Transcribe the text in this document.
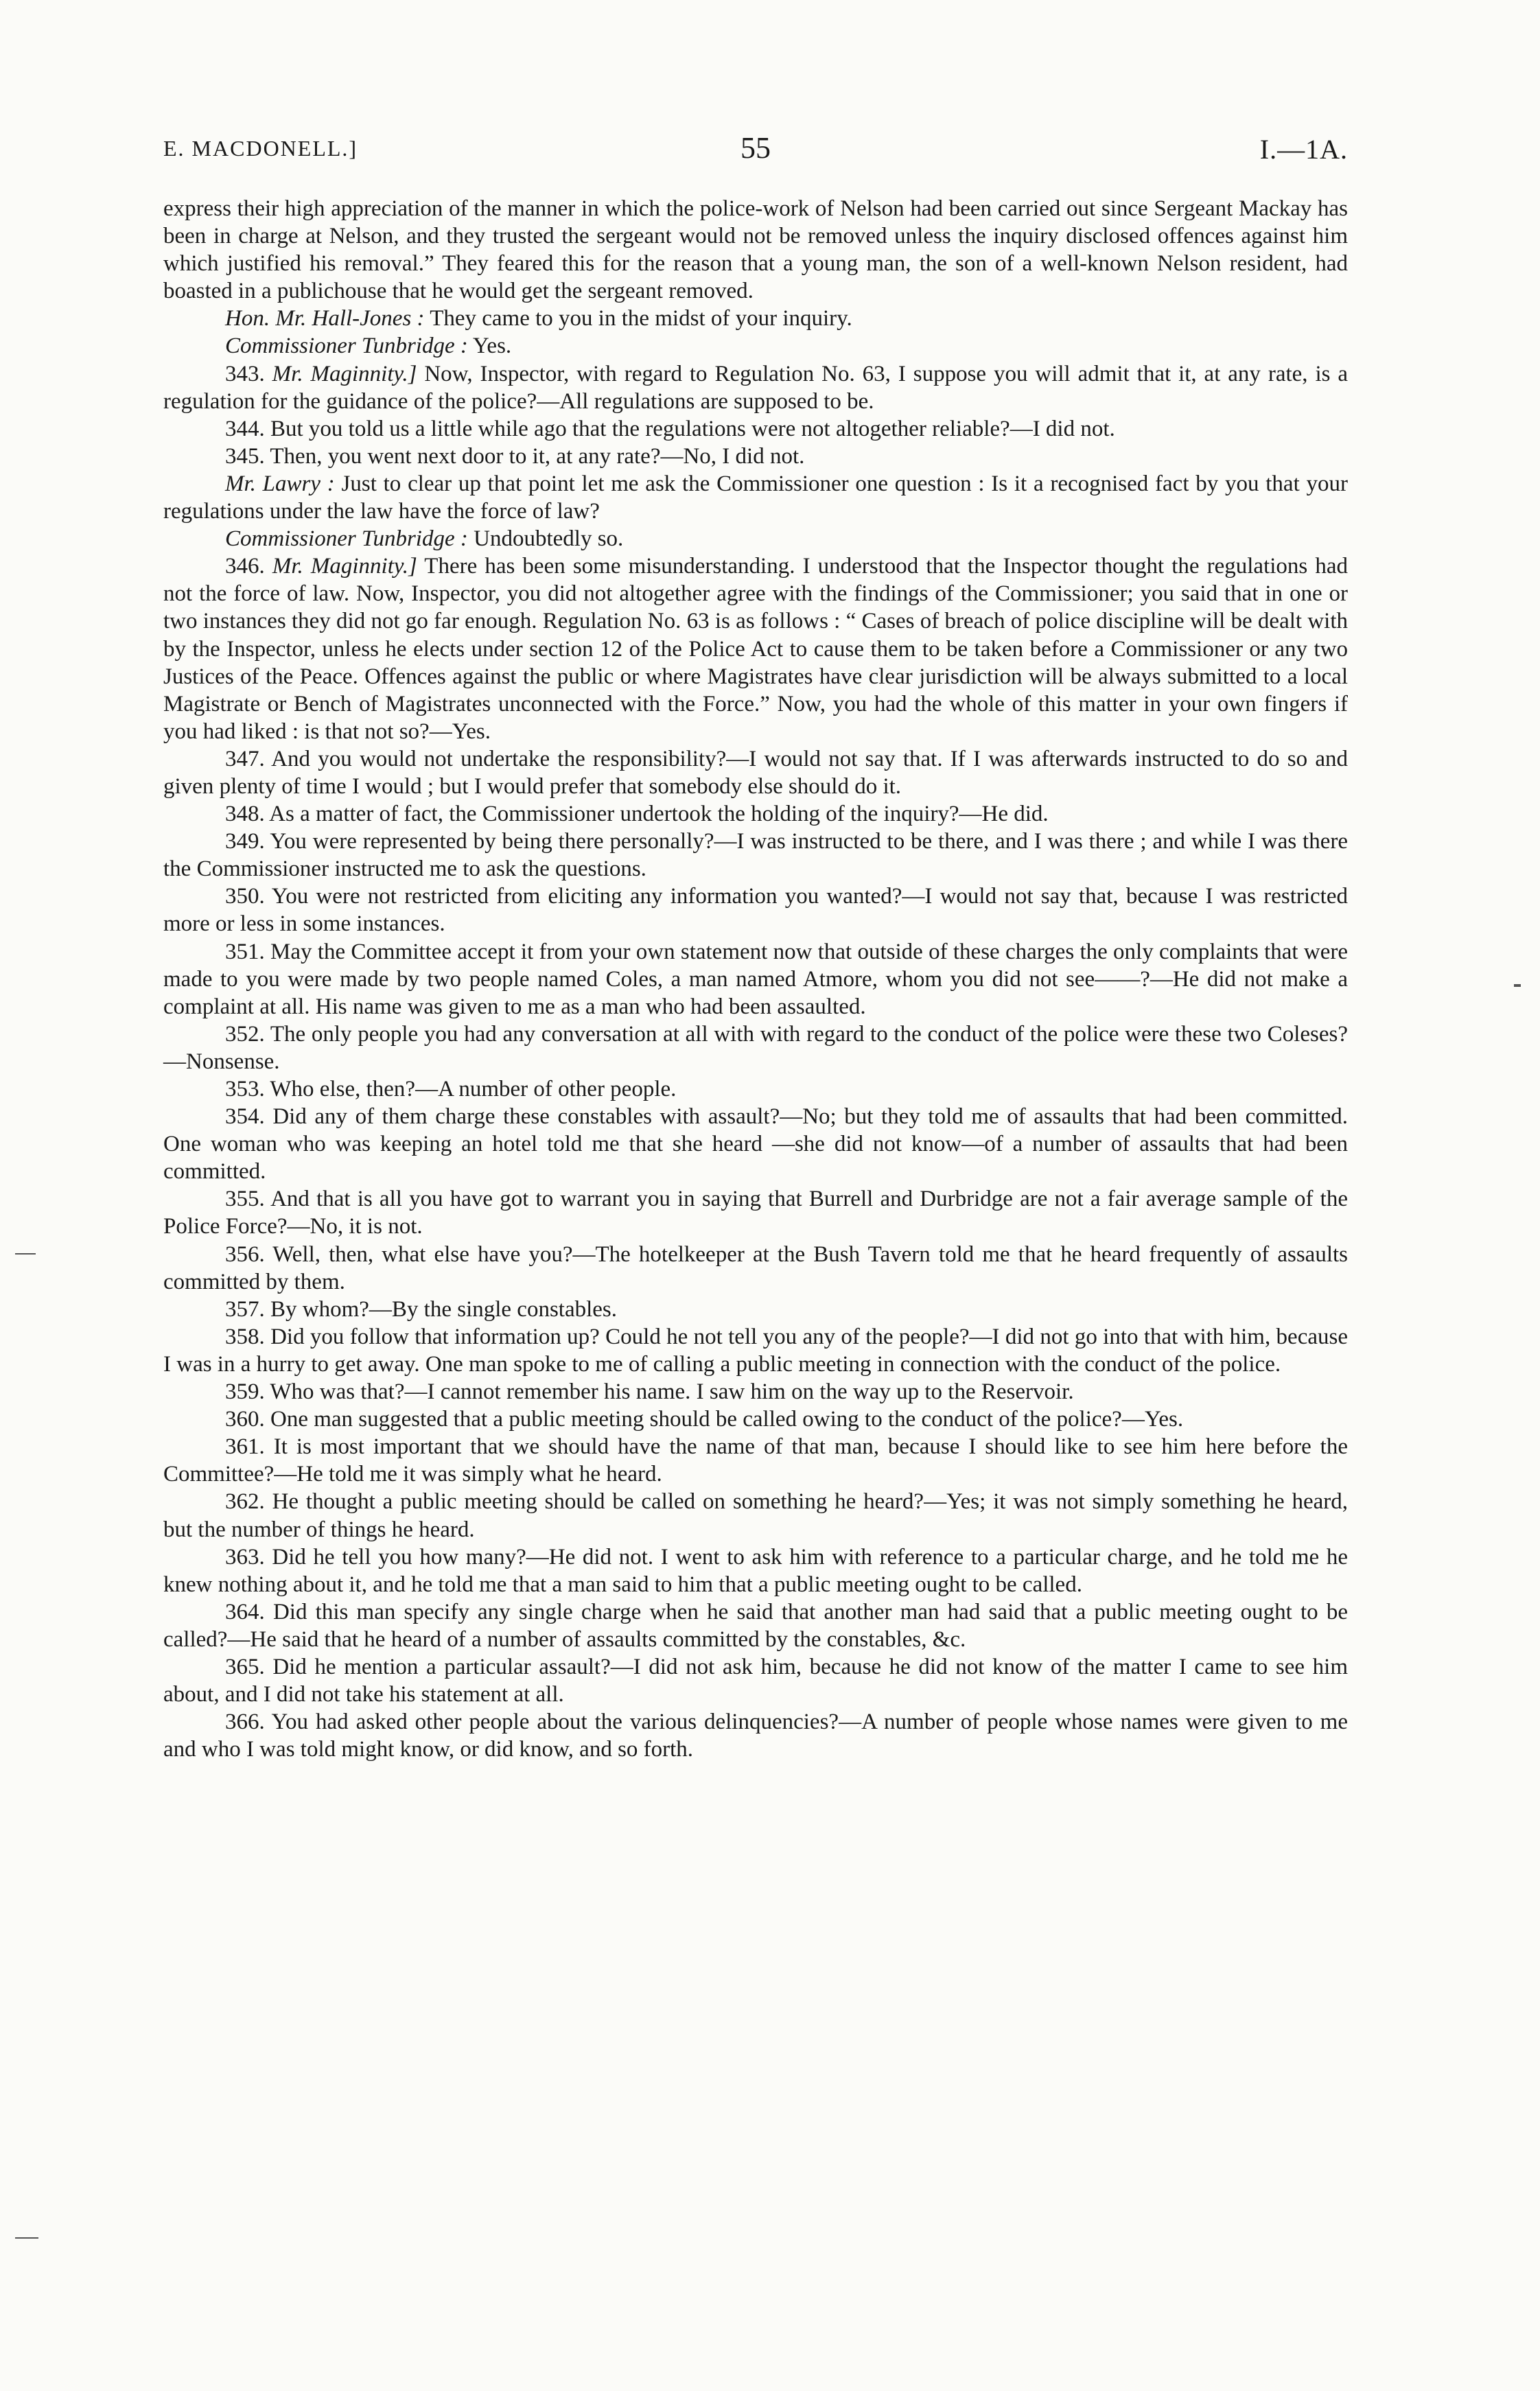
E. MACDONELL.]	55	I.—1A.

express their high appreciation of the manner in which the police-work of Nelson had been carried out since Sergeant Mackay has been in charge at Nelson, and they trusted the sergeant would not be removed unless the inquiry disclosed offences against him which justified his removal.” They feared this for the reason that a young man, the son of a well-known Nelson resident, had boasted in a publichouse that he would get the sergeant removed.

Hon. Mr. Hall-Jones : They came to you in the midst of your inquiry.

Commissioner Tunbridge : Yes.

343. Mr. Maginnity.] Now, Inspector, with regard to Regulation No. 63, I suppose you will admit that it, at any rate, is a regulation for the guidance of the police?—All regulations are supposed to be.

344. But you told us a little while ago that the regulations were not altogether reliable?—I did not.

345. Then, you went next door to it, at any rate?—No, I did not.

Mr. Lawry : Just to clear up that point let me ask the Commissioner one question : Is it a recognised fact by you that your regulations under the law have the force of law?

Commissioner Tunbridge : Undoubtedly so.

346. Mr. Maginnity.] There has been some misunderstanding. I understood that the Inspector thought the regulations had not the force of law. Now, Inspector, you did not altogether agree with the findings of the Commissioner; you said that in one or two instances they did not go far enough. Regulation No. 63 is as follows : “ Cases of breach of police discipline will be dealt with by the Inspector, unless he elects under section 12 of the Police Act to cause them to be taken before a Commissioner or any two Justices of the Peace. Offences against the public or where Magistrates have clear jurisdiction will be always submitted to a local Magistrate or Bench of Magistrates unconnected with the Force.” Now, you had the whole of this matter in your own fingers if you had liked : is that not so?—Yes.

347. And you would not undertake the responsibility?—I would not say that. If I was afterwards instructed to do so and given plenty of time I would ; but I would prefer that somebody else should do it.

348. As a matter of fact, the Commissioner undertook the holding of the inquiry?—He did.

349. You were represented by being there personally?—I was instructed to be there, and I was there ; and while I was there the Commissioner instructed me to ask the questions.

350. You were not restricted from eliciting any information you wanted?—I would not say that, because I was restricted more or less in some instances.

351. May the Committee accept it from your own statement now that outside of these charges the only complaints that were made to you were made by two people named Coles, a man named Atmore, whom you did not see——?—He did not make a complaint at all. His name was given to me as a man who had been assaulted.

352. The only people you had any conversation at all with with regard to the conduct of the police were these two Coleses?—Nonsense.

353. Who else, then?—A number of other people.

354. Did any of them charge these constables with assault?—No; but they told me of assaults that had been committed. One woman who was keeping an hotel told me that she heard —she did not know—of a number of assaults that had been committed.

355. And that is all you have got to warrant you in saying that Burrell and Durbridge are not a fair average sample of the Police Force?—No, it is not.

356. Well, then, what else have you?—The hotelkeeper at the Bush Tavern told me that he heard frequently of assaults committed by them.

357. By whom?—By the single constables.

358. Did you follow that information up? Could he not tell you any of the people?—I did not go into that with him, because I was in a hurry to get away. One man spoke to me of calling a public meeting in connection with the conduct of the police.

359. Who was that?—I cannot remember his name. I saw him on the way up to the Reservoir.

360. One man suggested that a public meeting should be called owing to the conduct of the police?—Yes.

361. It is most important that we should have the name of that man, because I should like to see him here before the Committee?—He told me it was simply what he heard.

362. He thought a public meeting should be called on something he heard?—Yes; it was not simply something he heard, but the number of things he heard.

363. Did he tell you how many?—He did not. I went to ask him with reference to a particular charge, and he told me he knew nothing about it, and he told me that a man said to him that a public meeting ought to be called.

364. Did this man specify any single charge when he said that another man had said that a public meeting ought to be called?—He said that he heard of a number of assaults committed by the constables, &c.

365. Did he mention a particular assault?—I did not ask him, because he did not know of the matter I came to see him about, and I did not take his statement at all.

366. You had asked other people about the various delinquencies?—A number of people whose names were given to me and who I was told might know, or did know, and so forth.
